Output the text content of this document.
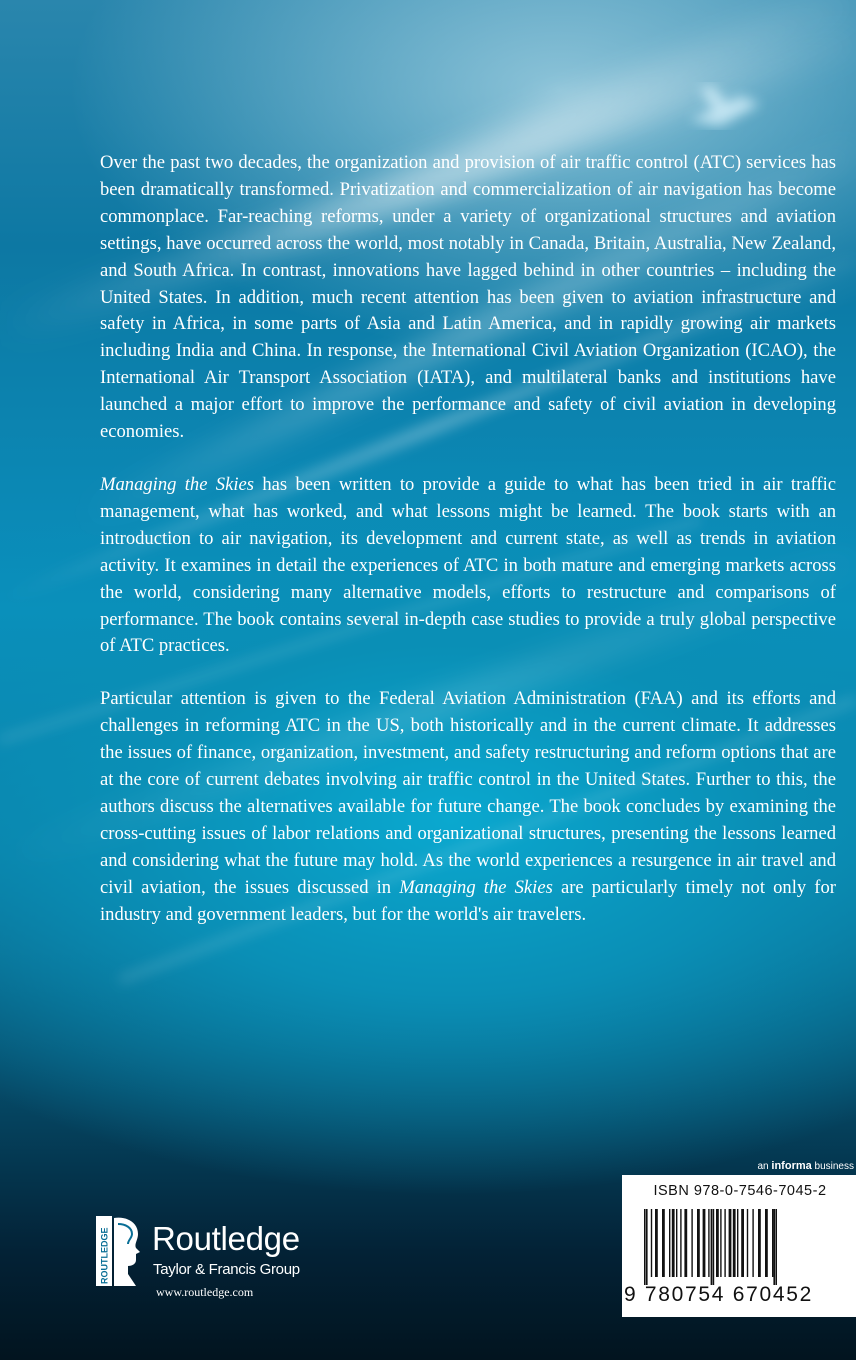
Over the past two decades, the organization and provision of air traffic control (ATC) services has been dramatically transformed. Privatization and commercialization of air navigation has become commonplace. Far-reaching reforms, under a variety of organizational structures and aviation settings, have occurred across the world, most notably in Canada, Britain, Australia, New Zealand, and South Africa. In contrast, innovations have lagged behind in other countries – including the United States. In addition, much recent attention has been given to aviation infrastructure and safety in Africa, in some parts of Asia and Latin America, and in rapidly growing air markets including India and China. In response, the International Civil Aviation Organization (ICAO), the International Air Transport Association (IATA), and multilateral banks and institutions have launched a major effort to improve the performance and safety of civil aviation in developing economies.

Managing the Skies has been written to provide a guide to what has been tried in air traffic management, what has worked, and what lessons might be learned. The book starts with an introduction to air navigation, its development and current state, as well as trends in aviation activity. It examines in detail the experiences of ATC in both mature and emerging markets across the world, considering many alternative models, efforts to restructure and comparisons of performance. The book contains several in-depth case studies to provide a truly global perspective of ATC practices.

Particular attention is given to the Federal Aviation Administration (FAA) and its efforts and challenges in reforming ATC in the US, both historically and in the current climate. It addresses the issues of finance, organization, investment, and safety restructuring and reform options that are at the core of current debates involving air traffic control in the United States. Further to this, the authors discuss the alternatives available for future change. The book concludes by examining the cross-cutting issues of labor relations and organizational structures, presenting the lessons learned and considering what the future may hold. As the world experiences a resurgence in air travel and civil aviation, the issues discussed in Managing the Skies are particularly timely not only for industry and government leaders, but for the world's air travelers.

ROUTLEDGE Routledge
Taylor & Francis Group
www.routledge.com
an informa business
ISBN 978-0-7546-7045-2
9 780754 670452
